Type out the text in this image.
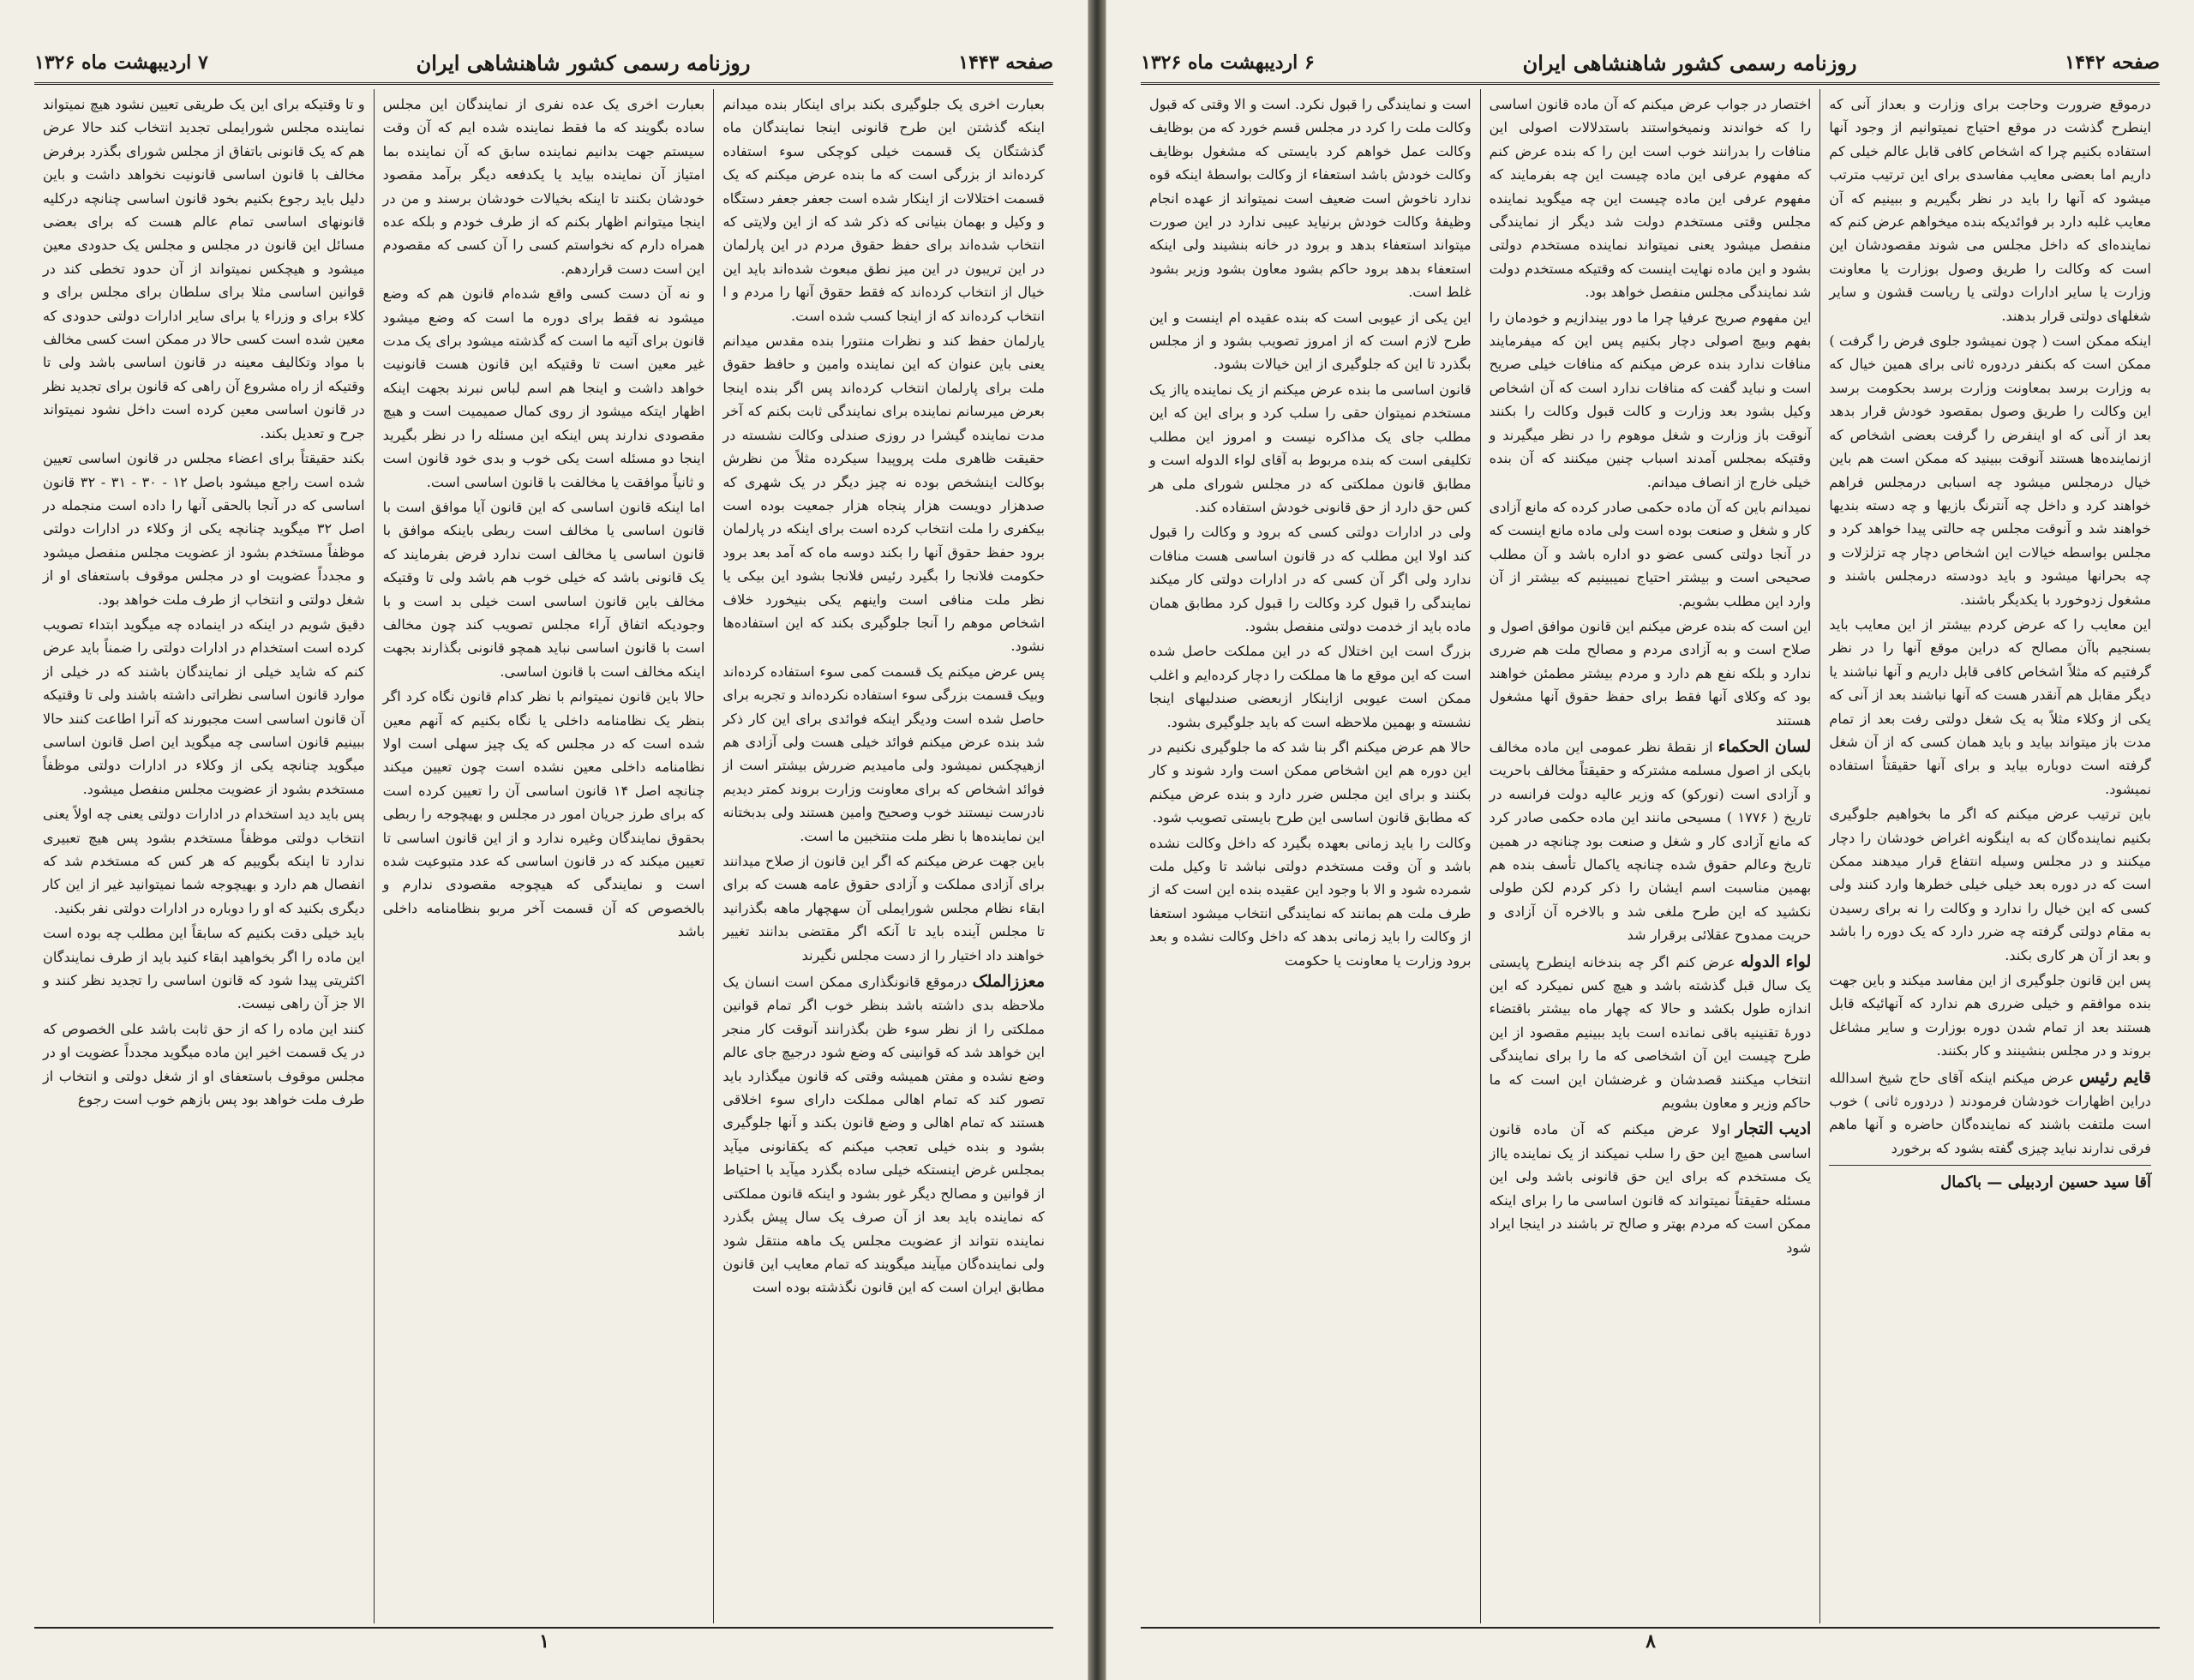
صفحه ۱۴۴۳
روزنامه رسمی کشور شاهنشاهی ایران
۷ اردیبهشت ماه ۱۳۲۶

بعبارت اخری یک جلوگیری بکند برای اینکار بنده میدانم اینکه گذشتن این طرح قانونی اینجا نمایندگان ماه گذشتگان یک قسمت خیلی کوچکی سوء استفاده کرده‌اند از بزرگی است که ما بنده عرض میکنم که یک قسمت اختلالات از اینکار شده است جعفر جعفر دستگاه و وکیل و بهمان بنیانی که ذکر شد که از این ولایتی که انتخاب شده‌اند برای حفظ حقوق مردم در این پارلمان در این تریبون در این میز نطق مبعوث شده‌اند باید این خیال از انتخاب کرده‌اند که فقط حقوق آنها را مردم و ا انتخاب کرده‌اند که از اینجا کسب شده است.

یارلمان حفظ کند و نظرات منتورا بنده مقدس میدانم یعنی باین عنوان که این نماینده وامین و حافظ حقوق ملت برای پارلمان انتخاب کرده‌اند پس اگر بنده اینجا بعرض میرسانم نماینده برای نمایندگی ثابت بکنم که آخر مدت نماینده گیشرا در روزی صندلی وکالت نشسته در حقیقت ظاهری ملت پروپیدا سیکرده مثلاً من نظرش بوکالت اینشخص بوده نه چیز دیگر در یک شهری که صدهزار دویست هزار پنجاه هزار جمعیت بوده است بیکفری را ملت انتخاب کرده است برای اینکه در پارلمان برود حفظ حقوق آنها را بکند دوسه ماه که آمد بعد برود حکومت فلانجا را بگیرد رئیس فلانجا بشود این بیکی یا نظر ملت منافی است واینهم یکی بنیخورد خلاف اشخاص موهم را آنجا جلوگیری بکند که این استفاده‌ها نشود.

پس عرض میکنم یک قسمت کمی سوء استفاده کرده‌اند وبیک قسمت بزرگی سوء استفاده نکرده‌اند و تجربه برای حاصل شده است ودیگر اینکه فوائدی برای این کار ذکر شد بنده عرض میکنم فوائد خیلی هست ولی آزادی هم ازهیچکس نمیشود ولی مامیدیم ضررش بیشتر است از فوائد اشخاص که برای معاونت وزارت بروند کمتر دیدیم نادرست نیستند خوب وصحیح وامین هستند ولی بدبختانه این نماینده‌ها با نظر ملت منتخبین ما است.

باین جهت عرض میکنم که اگر این قانون از صلاح میدانند برای آزادی مملکت و آزادی حقوق عامه هست که برای ابقاء نظام مجلس شورایملی آن سهچهار ماهه بگذرانید تا مجلس آینده باید تا آنکه اگر مقتضی بدانند تغییر خواهند داد اختیار را از دست مجلس نگیرند

معززالملکدرموقع قانونگذاری ممکن است انسان یک ملاحظه بدی داشته باشد بنظر خوب اگر تمام قوانین مملکتی را از نظر سوء ظن بگذرانند آنوقت کار منجر این خواهد شد که قوانینی که وضع شود درجیچ جای عالم وضع نشده و مفتن همیشه وقتی که قانون میگذارد باید تصور کند که تمام اهالی مملکت دارای سوء اخلاقی هستند که تمام اهالی و وضع قانون بکند و آنها جلوگیری بشود و بنده خیلی تعجب میکنم که یکقانونی میآید بمجلس غرض اینستکه خیلی ساده بگذرد میآید با احتیاط از قوانین و مصالح دیگر غور بشود و اینکه قانون مملکتی که نماینده باید بعد از آن صرف یک سال پیش بگذرد نماینده نتواند از عضویت مجلس یک ماهه منتقل شود ولی نماینده‌گان میآیند میگویند که تمام معایب این قانون مطابق ایران است که این قانون نگذشته بوده است

بعبارت اخری یک عده نفری از نمایندگان این مجلس ساده بگویند که ما فقط نماینده شده ایم که آن وقت سیستم جهت بدانیم نماینده سابق که آن نماینده بما امتیاز آن نماینده بیاید یا یکدفعه دیگر برآمد مقصود خودشان بکنند تا اینکه بخیالات خودشان برسند و من در اینجا میتوانم اظهار بکنم که از طرف خودم و بلکه عده همراه دارم که نخواستم کسی را آن کسی که مقصودم این است دست قراردهم.

و نه آن دست کسی واقع شده‌ام قانون هم که وضع میشود نه فقط برای دوره ما است که وضع میشود قانون برای آتیه ما است که گذشته میشود برای یک مدت غیر معین است تا وقتیکه این قانون هست قانونیت خواهد داشت و اینجا هم اسم لباس نبرند بجهت اینکه اظهار ایتکه میشود از روی کمال صمیمیت است و هیچ مقصودی ندارند پس اینکه این مسئله را در نظر بگیرید اینجا دو مسئله است یکی خوب و بدی خود قانون است و ثانیاً موافقت یا مخالفت با قانون اساسی است.

اما اینکه قانون اساسی که این قانون آیا موافق است با قانون اساسی یا مخالف است ربطی باینکه موافق با قانون اساسی یا مخالف است ندارد فرض بفرمایند که یک قانونی باشد که خیلی خوب هم باشد ولی تا وقتیکه مخالف باین قانون اساسی است خیلی بد است و با وجودیکه اتفاق آراء مجلس تصویب کند چون مخالف است با قانون اساسی نباید همچو قانونی بگذارند بجهت اینکه مخالف است با قانون اساسی.

حالا باین قانون نمیتوانم با نظر کدام قانون نگاه کرد اگر بنظر یک نظامنامه داخلی یا نگاه بکنیم که آنهم معین شده است که در مجلس که یک چیز سهلی است اولا نظامنامه داخلی معین نشده است چون تعیین میکند چنانچه اصل ۱۴ قانون اساسی آن را تعیین کرده است که برای طرز جریان امور در مجلس و بهیچوجه را ربطی بحقوق نمایندگان وغیره ندارد و از این قانون اساسی تا تعیین میکند که در قانون اساسی که عدد متبوعیت شده است و نمایندگی که هیچوجه مقصودی ندارم و بالخصوص که آن قسمت آخر مربو بنظامنامه داخلی باشد

و تا وقتیکه برای این یک طریقی تعیین نشود هیچ نمیتواند نماینده مجلس شورایملی تجدید انتخاب کند حالا عرض هم که یک قانونی باتفاق از مجلس شورای بگذرد برفرض مخالف با قانون اساسی قانونیت نخواهد داشت و باین دلیل باید رجوع بکنیم بخود قانون اساسی چنانچه درکلیه قانونهای اساسی تمام عالم هست که برای بعضی مسائل این قانون در مجلس و مجلس یک حدودی معین میشود و هیچکس نمیتواند از آن حدود تخطی کند در قوانین اساسی مثلا برای سلطان برای مجلس برای و کلاء برای و وزراء یا برای سایر ادارات دولتی حدودی که معین شده است کسی حالا در ممکن است کسی مخالف با مواد وتکالیف معینه در قانون اساسی باشد ولی تا وقتیکه از راه مشروع آن راهی که قانون برای تجدید نظر در قانون اساسی معین کرده است داخل نشود نمیتواند جرح و تعدیل بکند.

بکند حقیقتاً برای اعضاء مجلس در قانون اساسی تعیین شده است راجع میشود باصل ۱۲ - ۳۰ - ۳۱ - ۳۲ قانون اساسی که در آنجا بالحقی آنها را داده است منجمله در اصل ۳۲ میگوید چنانچه یکی از وکلاء در ادارات دولتی موظفاً مستخدم بشود از عضویت مجلس منفصل میشود و مجدداً عضویت او در مجلس موقوف باستعفای او از شغل دولتی و انتخاب از طرف ملت خواهد بود.

دقیق شویم در اینکه در اینماده چه میگوید ابتداء تصویب کرده است استخدام در ادارات دولتی را ضمناً باید عرض کنم که شاید خیلی از نمایندگان باشند که در خیلی از موارد قانون اساسی نظراتی داشته باشند ولی تا وقتیکه آن قانون اساسی است مجبورند که آنرا اطاعت کنند حالا ببینیم قانون اساسی چه میگوید این اصل قانون اساسی میگوید چنانچه یکی از وکلاء در ادارات دولتی موظفاً مستخدم بشود از عضویت مجلس منفصل میشود.

پس باید دید استخدام در ادارات دولتی یعنی چه اولاً یعنی انتخاب دولتی موظفاً مستخدم بشود پس هیچ تعبیری ندارد تا اینکه بگوییم که هر کس که مستخدم شد که انفصال هم دارد و بهیچوجه شما نمیتوانید غیر از این کار دیگری بکنید که او را دوباره در ادارات دولتی نفر بکنید.

باید خیلی دقت بکنیم که سابقاً این مطلب چه بوده است این ماده را اگر بخواهید ابقاء کنید باید از طرف نمایندگان اکثریتی پیدا شود که قانون اساسی را تجدید نظر کنند و الا جز آن راهی نیست.

کنند این ماده را که از حق ثابت باشد علی الخصوص که در یک قسمت اخیر این ماده میگوید مجدداً عضویت او در مجلس موقوف باستعفای او از شغل دولتی و انتخاب از طرف ملت خواهد بود پس بازهم خوب است رجوع

۱
صفحه ۱۴۴۲
روزنامه رسمی کشور شاهنشاهی ایران
۶ اردیبهشت ماه ۱۳۲۶

درموقع ضرورت وحاجت برای وزارت و بعداز آنی که اینطرح گذشت در موقع احتیاج نمیتوانیم از وجود آنها استفاده بکنیم چرا که اشخاص کافی قابل عالم خیلی کم داریم اما بعضی معایب مفاسدی برای این ترتیب مترتب میشود که آنها را باید در نظر بگیریم و ببینیم که آن معایب غلبه دارد بر فوائدیکه بنده میخواهم عرض کنم که نماینده‌ای که داخل مجلس می شوند مقصودشان این است که وکالت را طریق وصول بوزارت یا معاونت وزارت یا سایر ادارات دولتی یا ریاست قشون و سایر شغلهای دولتی قرار بدهند.

اینکه ممکن است ( چون نمیشود جلوی فرض را گرفت ) ممکن است که بکنفر دردوره ثانی برای همین خیال که به وزارت برسد بمعاونت وزارت برسد بحکومت برسد این وکالت را طریق وصول بمقصود خودش قرار بدهد بعد از آنی که او اینفرض را گرفت بعضی اشخاص که ازنماینده‌ها هستند آنوقت ببینید که ممکن است هم باین خیال درمجلس میشود چه اسبابی درمجلس فراهم خواهند کرد و داخل چه آنترنگ بازیها و چه دسته بندیها خواهند شد و آنوقت مجلس چه حالتی پیدا خواهد کرد و مجلس بواسطه خیالات این اشخاص دچار چه تزلزلات و چه بحرانها میشود و باید دودسته درمجلس باشند و مشغول زدوخورد با یکدیگر باشند.

این معایب را که عرض کردم بیشتر از این معایب باید بسنجیم باآن مصالح که دراین موقع آنها را در نظر گرفتیم که مثلاً اشخاص کافی قابل داریم و آنها نباشند یا دیگر مقابل هم آنقدر هست که آنها نباشند بعد از آنی که یکی از وکلاء مثلاً به یک شغل دولتی رفت بعد از تمام مدت باز میتواند بیاید و باید همان کسی که از آن شغل گرفته است دوباره بیاید و برای آنها حقیقتاً استفاده نمیشود.

باین ترتیب عرض میکنم که اگر ما بخواهیم جلوگیری بکنیم نماینده‌گان که به اینگونه اغراض خودشان را دچار میکنند و در مجلس وسیله انتفاع قرار میدهند ممکن است که در دوره بعد خیلی خیلی خطرها وارد کنند ولی کسی که این خیال را ندارد و وکالت را نه برای رسیدن به مقام دولتی گرفته چه ضرر دارد که یک دوره را باشد و بعد از آن هر کاری بکند.

پس این قانون جلوگیری از این مفاسد میکند و باین جهت بنده موافقم و خیلی ضرری هم ندارد که آنهائیکه قابل هستند بعد از تمام شدن دوره بوزارت و سایر مشاغل بروند و در مجلس بنشینند و کار بکنند.

قایم رئیسعرض میکنم اینکه آقای حاج شیخ اسدالله دراین اظهارات خودشان فرمودند ( دردوره ثانی ) خوب است ملتفت باشند که نماینده‌گان حاضره و آنها ماهم فرقی ندارند نباید چیزی گفته بشود که برخورد

آقا سید حسین اردبیلی — باکمال

اختصار در جواب عرض میکنم که آن ماده قانون اساسی را که خواندند ونمیخواستند باستدلالات اصولی این منافات را بدرانند خوب است این را که بنده عرض کنم که مفهوم عرفی این ماده چیست این چه بفرمایند که مفهوم عرفی این ماده چیست این چه میگوید نماینده مجلس وقتی مستخدم دولت شد دیگر از نمایندگی منفصل میشود یعنی نمیتواند نماینده مستخدم دولتی بشود و این ماده نهایت اینست که وقتیکه مستخدم دولت شد نمایندگی مجلس منفصل خواهد بود.

این مفهوم صریح عرفیا چرا ما دور بیندازیم و خودمان را بفهم وبیچ اصولی دچار بکنیم پس این که میفرمایند منافات ندارد بنده عرض میکنم که منافات خیلی صریح است و نباید گفت که منافات ندارد است که آن اشخاص وکیل بشود بعد وزارت و کالت قبول وکالت را بکنند آنوقت باز وزارت و شغل موهوم را در نظر میگیرند و وقتیکه بمجلس آمدند اسباب چنین میکنند که آن بنده خیلی خارج از انصاف میدانم.

نمیدانم باین که آن ماده حکمی صادر کرده که مانع آزادی کار و شغل و صنعت بوده است ولی ماده مانع اینست که در آنجا دولتی کسی عضو دو اداره باشد و آن مطلب صحیحی است و بیشتر احتیاج نمیبینیم که بیشتر از آن وارد این مطلب بشویم.

این است که بنده عرض میکنم این قانون موافق اصول و صلاح است و به آزادی مردم و مصالح ملت هم ضرری ندارد و بلکه نفع هم دارد و مردم بیشتر مطمئن خواهند بود که وکلای آنها فقط برای حفظ حقوق آنها مشغول هستند

لسان الحکماءاز نقطهٔ نظر عمومی این ماده مخالف بایکی از اصول مسلمه مشترکه و حقیقتاً مخالف باحریت و آزادی است (نورکو) که وزیر عالیه دولت فرانسه در تاریخ ( ۱۷۷۶ ) مسیحی مانند این ماده حکمی صادر کرد که مانع آزادی کار و شغل و صنعت بود چنانچه در همین تاریخ وعالم حقوق شده چنانچه یاکمال تأسف بنده هم بهمین مناسبت اسم ایشان را ذکر کردم لکن طولی نکشید که این طرح ملغی شد و بالاخره آن آزادی و حریت ممدوح عقلائی برقرار شد

لواء الدولهعرض کنم اگر چه بندخانه اینطرح پایستی یک سال قبل گذشته باشد و هیچ کس نمیکرد که این اندازه طول بکشد و حالا که چهار ماه بیشتر باقتضاء دورهٔ تقنینیه باقی نمانده است باید ببینیم مقصود از این طرح چیست این آن اشخاصی که ما را برای نمایندگی انتخاب میکنند قصدشان و غرضشان این است که ما حاکم وزیر و معاون بشویم

ادیب التجاراولا عرض میکنم که آن ماده قانون اساسی همیچ این حق را سلب نمیکند از یک نماینده یااز یک مستخدم که برای این حق قانونی باشد ولی این مسئله حقیقتاً نمیتواند که قانون اساسی ما را برای اینکه ممکن است که مردم بهتر و صالح تر باشند در اینجا ایراد شود

است و نمایندگی را قبول نکرد. است و الا وقتی که قبول وکالت ملت را کرد در مجلس قسم خورد که من بوظایف وکالت عمل خواهم کرد بایستی که مشغول بوظایف وکالت خودش باشد استعفاء از وکالت بواسطهٔ اینکه قوه ندارد ناخوش است ضعیف است نمیتواند از عهده انجام وظیفهٔ وکالت خودش برنیاید عیبی ندارد در این صورت میتواند استعفاء بدهد و برود در خانه بنشیند ولی اینکه استعفاء بدهد برود حاکم بشود معاون بشود وزیر بشود غلط است.

این یکی از عیوبی است که بنده عقیده ام اینست و این طرح لازم است که از امروز تصویب بشود و از مجلس بگذرد تا این که جلوگیری از این خیالات بشود.

قانون اساسی ما بنده عرض میکنم از یک نماینده یااز یک مستخدم نمیتوان حقی را سلب کرد و برای این که این مطلب جای یک مذاکره نیست و امروز این مطلب تکلیفی است که بنده مربوط به آقای لواء الدوله است و مطابق قانون مملکتی که در مجلس شورای ملی هر کس حق دارد از حق قانونی خودش استفاده کند.

ولی در ادارات دولتی کسی که برود و وکالت را قبول کند اولا این مطلب که در قانون اساسی هست منافات ندارد ولی اگر آن کسی که در ادارات دولتی کار میکند نمایندگی را قبول کرد وکالت را قبول کرد مطابق همان ماده باید از خدمت دولتی منفصل بشود.

بزرگ است این اختلال که در این مملکت حاصل شده است که این موقع ما ها مملکت را دچار کرده‌ایم و اغلب ممکن است عیوبی ازاینکار ازبعضی صندلیهای اینجا نشسته و بهمین ملاحظه است که باید جلوگیری بشود.

حالا هم عرض میکنم اگر بنا شد که ما جلوگیری نکنیم در این دوره هم این اشخاص ممکن است وارد شوند و کار بکنند و برای این مجلس ضرر دارد و بنده عرض میکنم که مطابق قانون اساسی این طرح بایستی تصویب شود.

وکالت را باید زمانی بعهده بگیرد که داخل وکالت نشده باشد و آن وقت مستخدم دولتی نباشد تا وکیل ملت شمرده شود و الا با وجود این عقیده بنده این است که از طرف ملت هم بمانند که نمایندگی انتخاب میشود استعفا از وکالت را باید زمانی بدهد که داخل وکالت نشده و بعد برود وزارت یا معاونت یا حکومت

۸
